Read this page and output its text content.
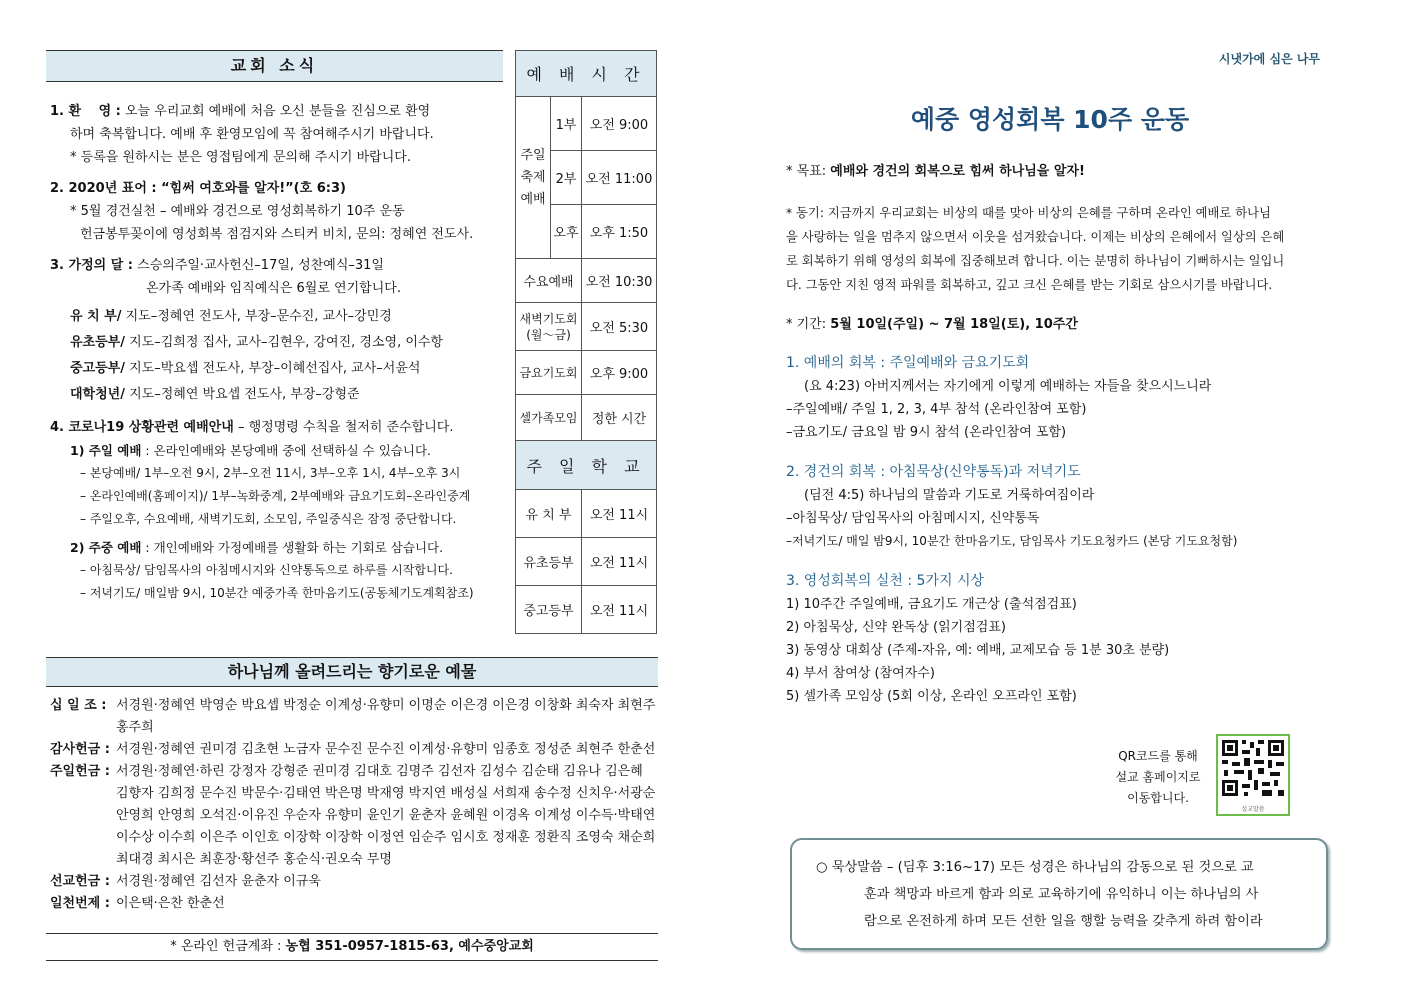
교회 소식
1. 환　 영 : 오늘 우리교회 예배에 처음 오신 분들을 진심으로 환영
하며 축복합니다. 예배 후 환영모임에 꼭 참여해주시기 바랍니다.
* 등록을 원하시는 분은 영접팀에게 문의해 주시기 바랍니다.
2. 2020년 표어 : “힘써 여호와를 알자!”(호 6:3)
* 5월 경건실천 – 예배와 경건으로 영성회복하기 10주 운동
헌금봉투꽂이에 영성회복 점검지와 스티커 비치, 문의: 정혜연 전도사.
3. 가정의 달 : 스승의주일·교사헌신–17일, 성찬예식–31일
온가족 예배와 임직예식은 6월로 연기합니다.
유 치 부/ 지도–정혜연 전도사, 부장–문수진, 교사–강민경
유초등부/ 지도–김희정 집사, 교사–김현우, 강여진, 경소영, 이수항
중고등부/ 지도–박요셉 전도사, 부장–이혜선집사, 교사–서윤석
대학청년/ 지도–정혜연 박요셉 전도사, 부장–강형준
4. 코로나19 상황관련 예배안내 – 행정명령 수칙을 철저히 준수합니다.
1) 주일 예배 : 온라인예배와 본당예배 중에 선택하실 수 있습니다.
– 본당예배/ 1부–오전 9시, 2부–오전 11시, 3부–오후 1시, 4부–오후 3시
– 온라인예배(홈페이지)/ 1부–녹화중계, 2부예배와 금요기도회–온라인중계
– 주일오후, 수요예배, 새벽기도회, 소모임, 주일중식은 잠정 중단합니다.
2) 주중 예배 : 개인예배와 가정예배를 생활화 하는 기회로 삼습니다.
– 아침묵상/ 담임목사의 아침메시지와 신약통독으로 하루를 시작합니다.
– 저녁기도/ 매일밤 9시, 10분간 예중가족 한마음기도(공동체기도계획참조)
예 배 시 간		
주일
축제
예배	1부	오전 9:00
	2부	오전 11:00
	오후	오후 1:50
수요예배		오전 10:30

새벽기도회
(월～금)		오전 5:30
금요기도회		오후 9:00
셀가족모임		정한 시간
주 일 학 교		
유 치 부		오전 11시
유초등부		오전 11시
중고등부		오전 11시
하나님께 올려드리는 향기로운 예물
십 일 조 : 서경원·정혜연 박영순 박요셉 박정순 이계성·유향미 이명순 이은경 이은경 이창화 최숙자 최현주
홍주희
감사헌금 : 서경원·정혜연 권미경 김초현 노금자 문수진 문수진 이계성·유향미 임종호 정성준 최현주 한춘선
주일헌금 : 서경원·정혜연·하린 강정자 강형준 권미경 김대호 김명주 김선자 김성수 김순태 김유나 김은혜
김향자 김희정 문수진 박문수·김태연 박은명 박재영 박지연 배성실 서희재 송수정 신치우·서광순
안영희 안영희 오석진·이유진 우순자 유향미 윤인기 윤춘자 윤혜원 이경옥 이계성 이수득·박태연
이수상 이수희 이은주 이인호 이장학 이장학 이정연 임순주 임시호 정재훈 정환직 조영숙 채순희
최대경 최시은 최훈장·황선주 홍순식·권오숙 무명
선교헌금 : 서경원·정혜연 김선자 윤춘자 이규욱
일천번제 : 이은택·은찬 한춘선
* 온라인 헌금계좌 : 농협 351-0957-1815-63, 예수중앙교회
시냇가에 심은 나무
예중 영성회복 10주 운동
* 목표: 예배와 경건의 회복으로 힘써 하나님을 알자!
* 동기: 지금까지 우리교회는 비상의 때를 맞아 비상의 은혜를 구하며 온라인 예배로 하나님
을 사랑하는 일을 멈추지 않으면서 이웃을 섬겨왔습니다. 이제는 비상의 은혜에서 일상의 은혜
로 회복하기 위해 영성의 회복에 집중해보려 합니다. 이는 분명히 하나님이 기뻐하시는 일입니
다. 그동안 지친 영적 파워를 회복하고, 깊고 크신 은혜를 받는 기회로 삼으시기를 바랍니다.
* 기간: 5월 10일(주일) ~ 7월 18일(토), 10주간
1. 예배의 회복 : 주일예배와 금요기도회
(요 4:23) 아버지께서는 자기에게 이렇게 예배하는 자들을 찾으시느니라
–주일예배/ 주일 1, 2, 3, 4부 참석 (온라인참여 포함)
–금요기도/ 금요일 밤 9시 참석 (온라인참여 포함)
2. 경건의 회복 : 아침묵상(신약통독)과 저녁기도
(딤전 4:5) 하나님의 말씀과 기도로 거룩하여짐이라
–아침묵상/ 담임목사의 아침메시지, 신약통독
–저녁기도/ 매일 밤9시, 10분간 한마음기도, 담임목사 기도요청카드 (본당 기도요청함)
3. 영성회복의 실천 : 5가지 시상
1) 10주간 주일예배, 금요기도 개근상 (출석점검표)
2) 아침묵상, 신약 완독상 (읽기점검표)
3) 동영상 대회상 (주제-자유, 예: 예배, 교제모습 등 1분 30초 분량)
4) 부서 참여상 (참여자수)
5) 셀가족 모임상 (5회 이상, 온라인 오프라인 포함)
QR코드를 통해
설교 홈페이지로
이동합니다.
설교말씀
○ 묵상말씀 – (딤후 3:16~17) 모든 성경은 하나님의 감동으로 된 것으로 교
훈과 책망과 바르게 함과 의로 교육하기에 유익하니 이는 하나님의 사
람으로 온전하게 하며 모든 선한 일을 행할 능력을 갖추게 하려 함이라
